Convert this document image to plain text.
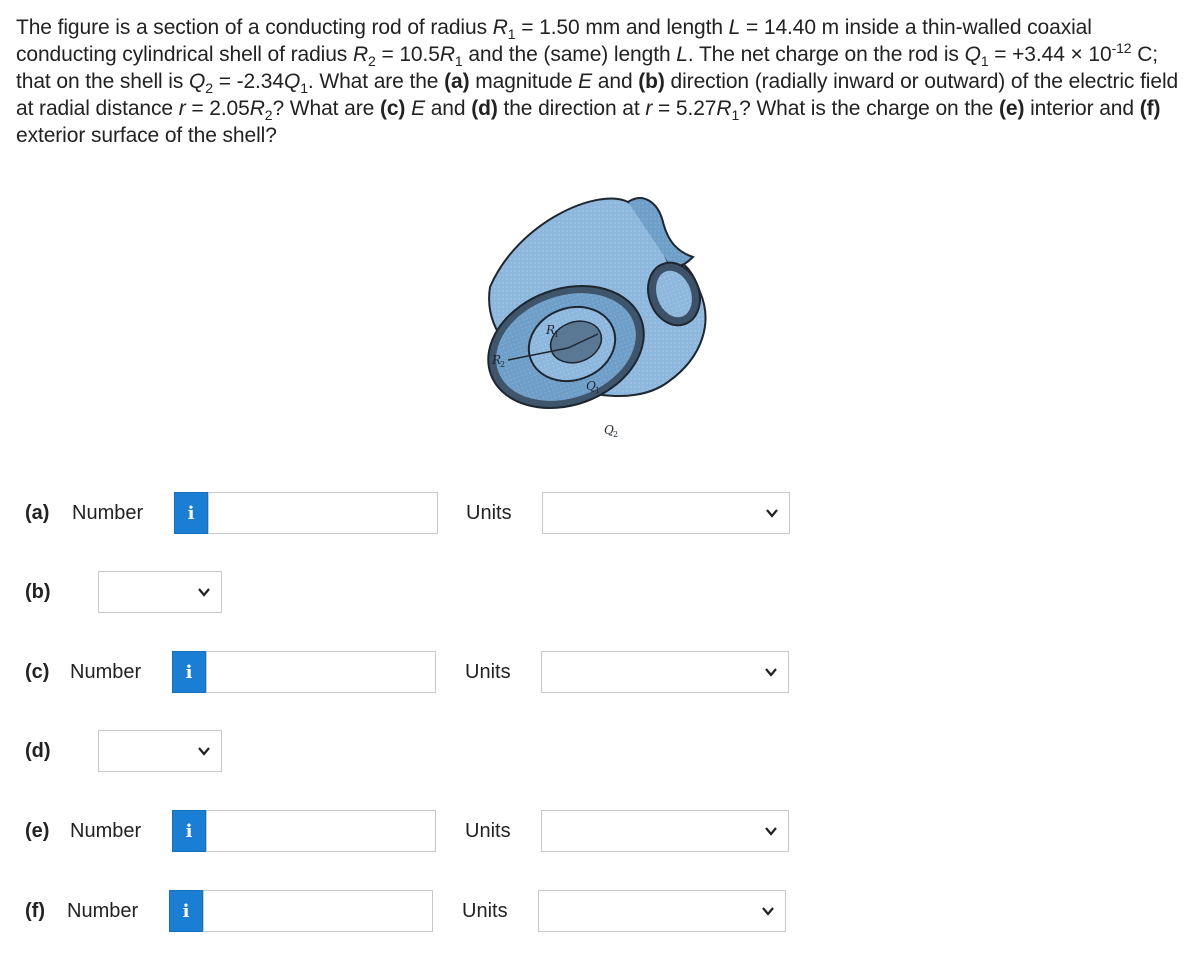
The figure is a section of a conducting rod of radius $R_1 = 1.50$ mm and length L = 14.40 m inside a thin-walled coaxial conducting cylindrical shell of radius $R_2 = 10.5R_1$ and the (same) length L. The net charge on the rod is $Q_1 = +3.44 \times 10^{-12}$ C; that on the shell is $Q_2 = -2.34Q_1$. What are the (a) magnitude E and (b) direction (radially inward or outward) of the electric field at radial distance $r = 2.05R_2$? What are (c) E and (d) the direction at $r = 5.27R_1$? What is the charge on the (e) interior and (f) exterior surface of the shell?
R
1
R
2
Q 1
Q 2
(a) Number	i	Units
(b)
(c) Number	i	Units
(d)
(e) Number	i	Units
(f) Number	i	Units
